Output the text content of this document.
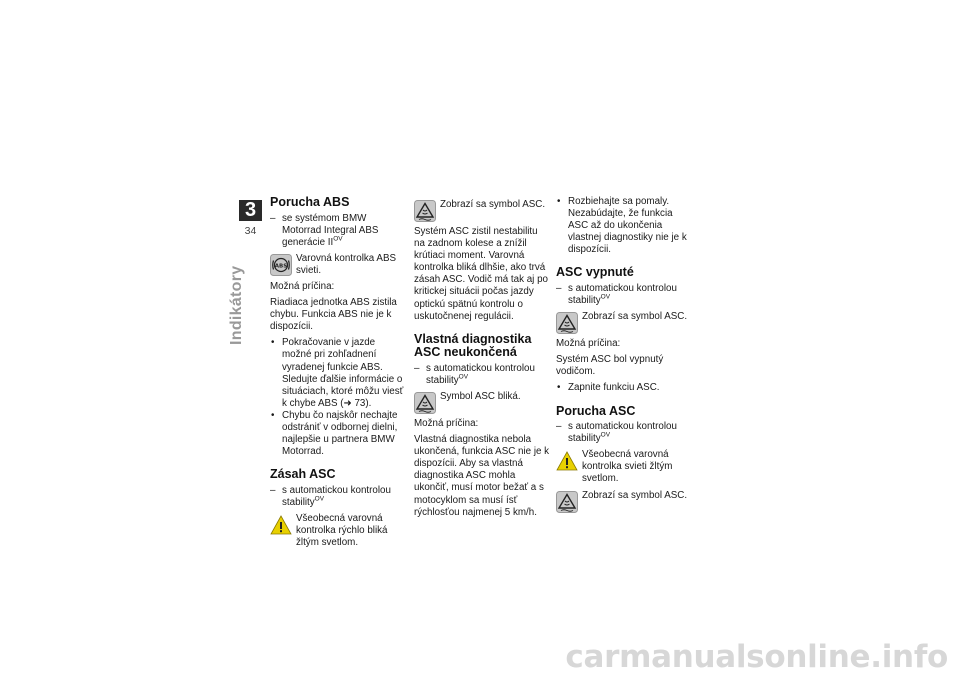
3
34
Indikátory
Porucha ABS
– se systémom BMW Motorrad Integral ABS generácie $II^{OV}$
ABS
Varovná kontrolka ABS svieti.

Možná príčina:

Riadiaca jednotka ABS zistila chybu. Funkcia ABS nie je k dispozícii.

• Pokračovanie v jazde možné pri zohľadnení vyradenej funkcie ABS. Sledujte ďalšie informácie o situáciach, ktoré môžu viesť k chybe ABS (➜ 73).
• Chybu čo najskôr nechajte odstrániť v odbornej dielni, najlepšie u partnera BMW Motorrad.
Zásah ASC
– s automatickou kontrolou stability$^{OV}$
Všeobecná varovná kontrolka rýchlo bliká žltým svetlom.
Zobrazí sa symbol ASC.

Systém ASC zistil nestabilitu na zadnom kolese a znížil krútiaci moment. Varovná kontrolka bliká dlhšie, ako trvá zásah ASC. Vodič má tak aj po kritickej situácii počas jazdy optickú spätnú kontrolu o uskutočnenej regulácii.

Vlastná diagnostika ASC neukončená
– s automatickou kontrolou stability$^{OV}$
Symbol ASC bliká.

Možná príčina:

Vlastná diagnostika nebola ukončená, funkcia ASC nie je k dispozícii. Aby sa vlastná diagnostika ASC mohla ukončiť, musí motor bežať a s motocyklom sa musí ísť rýchlosťou najmenej 5 km/h.

• Rozbiehajte sa pomaly. Nezabúdajte, že funkcia ASC až do ukončenia vlastnej diagnostiky nie je k dispozícii.
ASC vypnuté
– s automatickou kontrolou stability$^{OV}$
Zobrazí sa symbol ASC.

Možná príčina:

Systém ASC bol vypnutý vodičom.

• Zapnite funkciu ASC.
Porucha ASC
– s automatickou kontrolou stability$^{OV}$
Všeobecná varovná kontrolka svieti žltým svetlom.
Zobrazí sa symbol ASC.
carmanualsonline.info
